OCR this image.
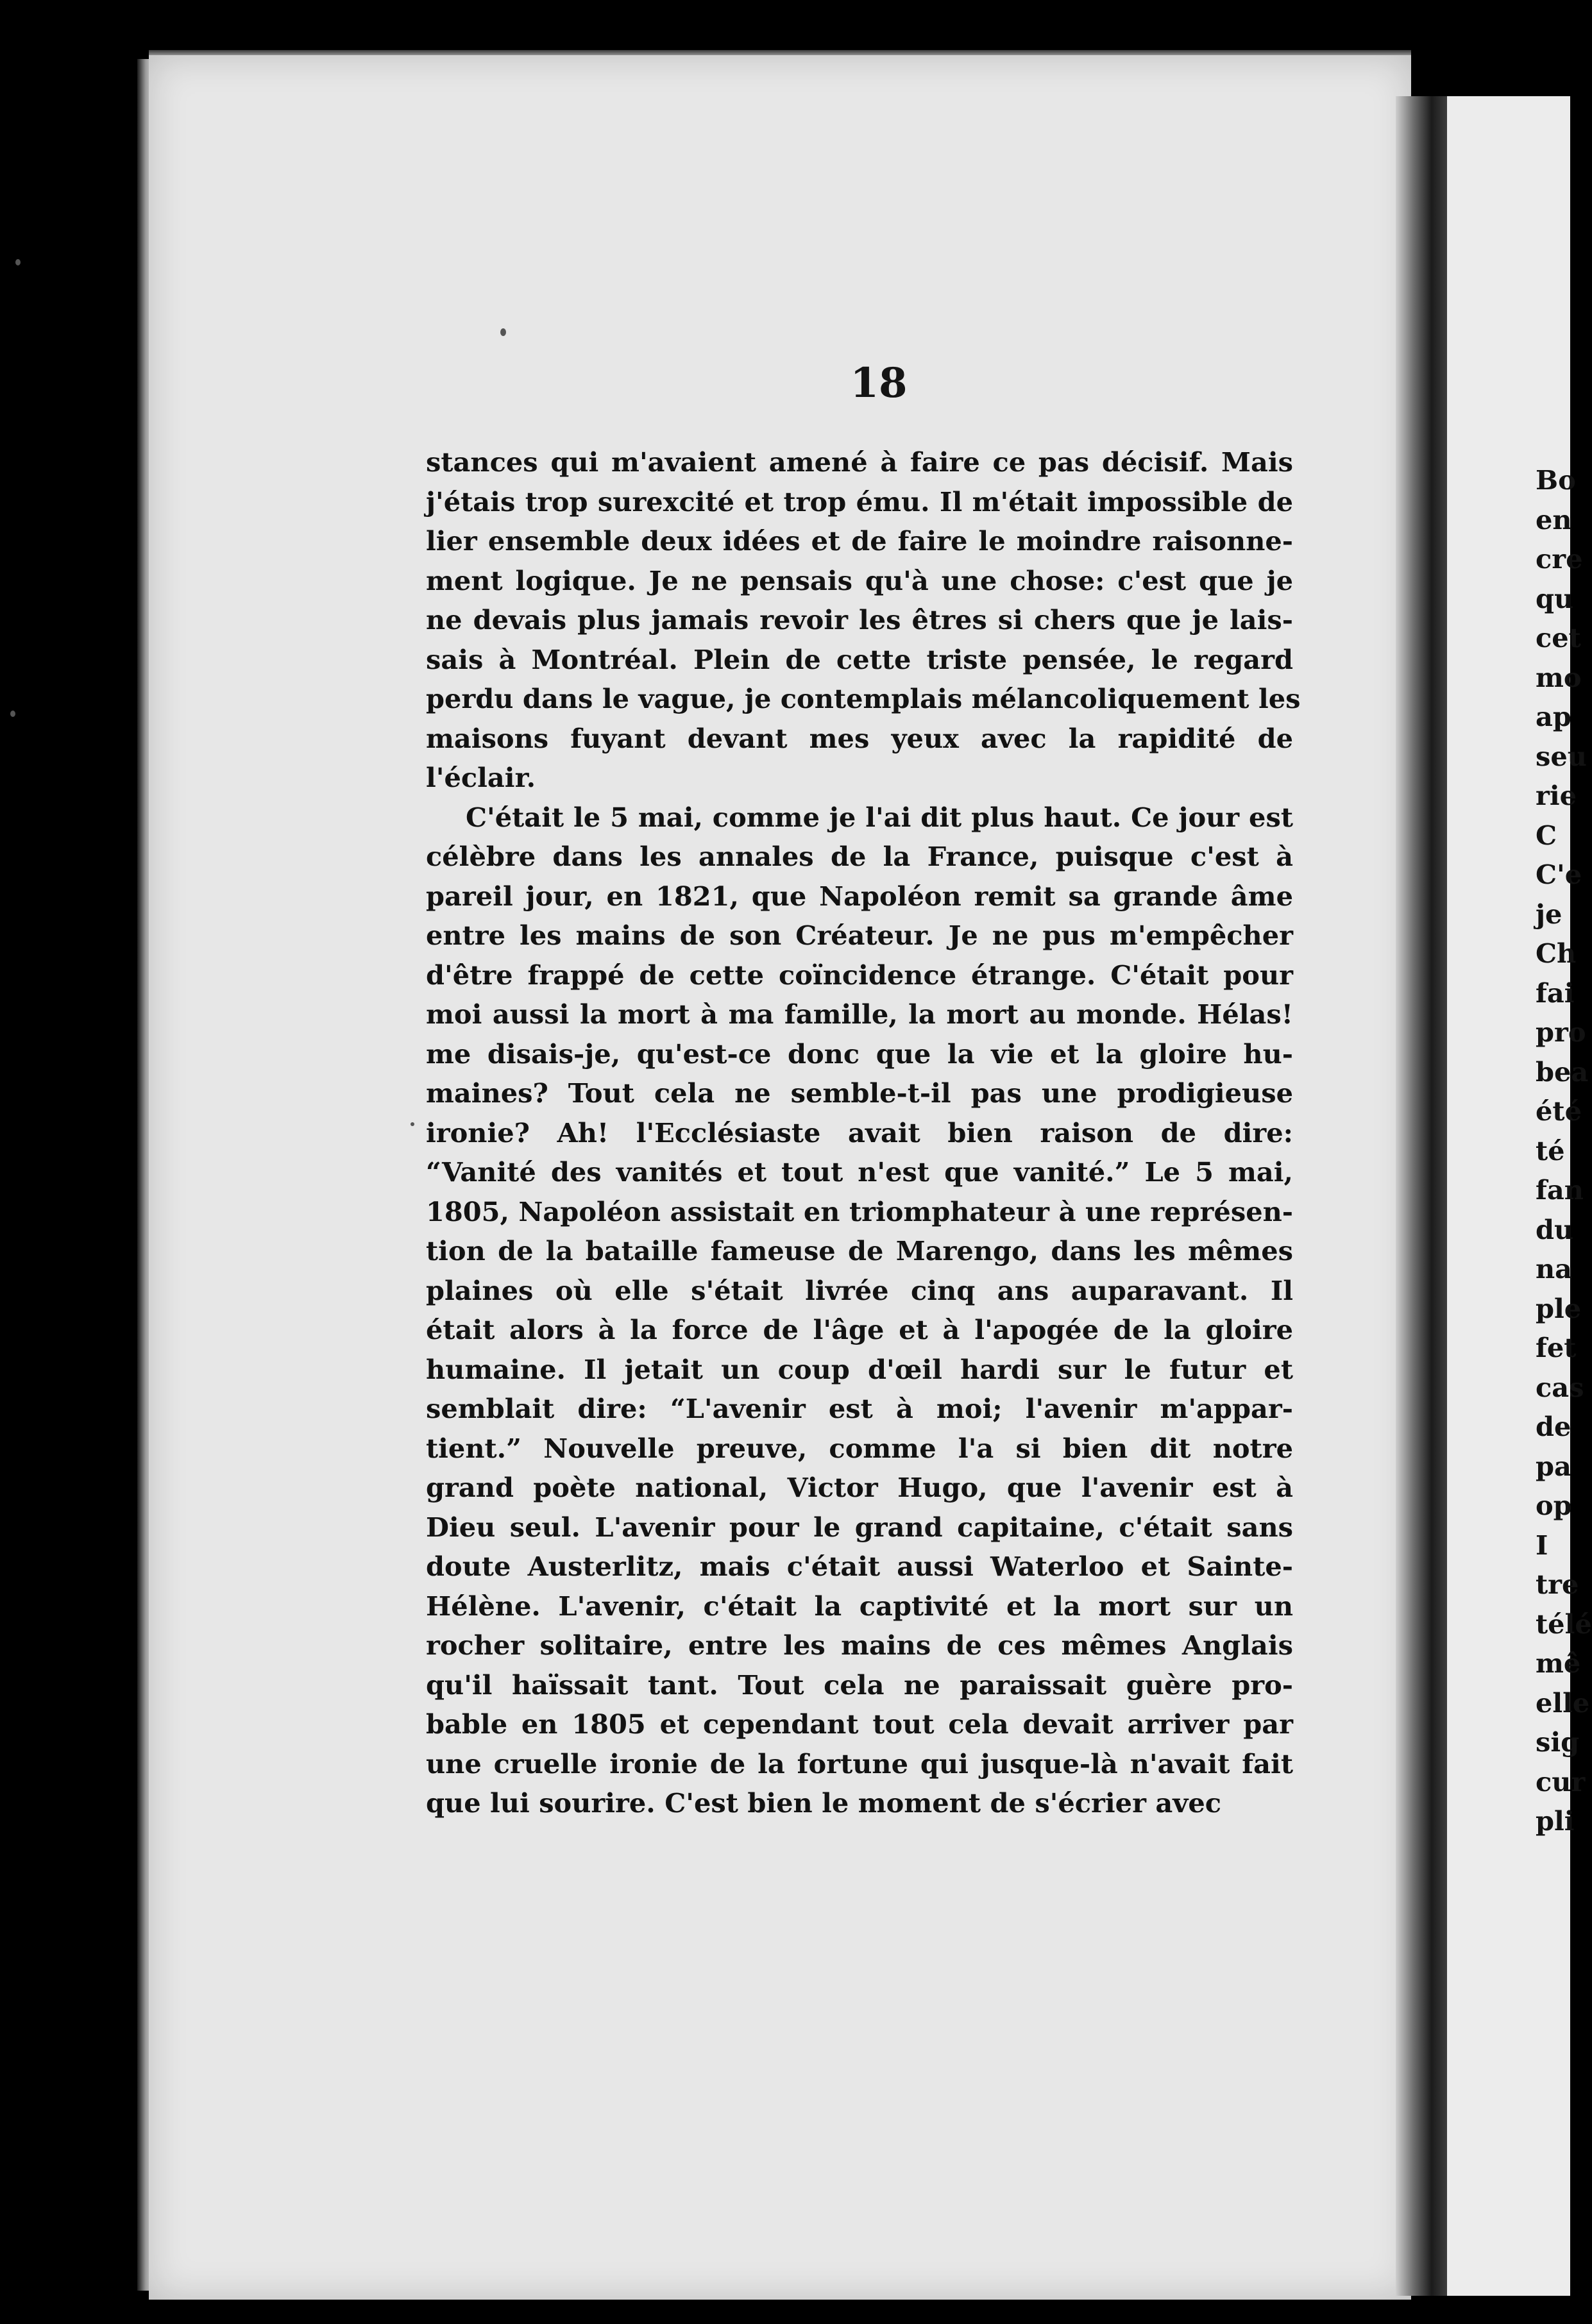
18
stances qui m'avaient amené à faire ce pas décisif. Mais
j'étais trop surexcité et trop ému. Il m'était impossible de
lier ensemble deux idées et de faire le moindre raisonne-
ment logique. Je ne pensais qu'à une chose: c'est que je
ne devais plus jamais revoir les êtres si chers que je lais-
sais à Montréal. Plein de cette triste pensée, le regard
perdu dans le vague, je contemplais mélancoliquement les
maisons fuyant devant mes yeux avec la rapidité de
l'éclair.
C'était le 5 mai, comme je l'ai dit plus haut. Ce jour est
célèbre dans les annales de la France, puisque c'est à
pareil jour, en 1821, que Napoléon remit sa grande âme
entre les mains de son Créateur. Je ne pus m'empêcher
d'être frappé de cette coïncidence étrange. C'était pour
moi aussi la mort à ma famille, la mort au monde. Hélas!
me disais-je, qu'est-ce donc que la vie et la gloire hu-
maines? Tout cela ne semble-t-il pas une prodigieuse
ironie? Ah! l'Ecclésiaste avait bien raison de dire:
“Vanité des vanités et tout n'est que vanité.” Le 5 mai,
1805, Napoléon assistait en triomphateur à une représen-
tion de la bataille fameuse de Marengo, dans les mêmes
plaines où elle s'était livrée cinq ans auparavant. Il
était alors à la force de l'âge et à l'apogée de la gloire
humaine. Il jetait un coup d'œil hardi sur le futur et
semblait dire: “L'avenir est à moi; l'avenir m'appar-
tient.” Nouvelle preuve, comme l'a si bien dit notre
grand poète national, Victor Hugo, que l'avenir est à
Dieu seul. L'avenir pour le grand capitaine, c'était sans
doute Austerlitz, mais c'était aussi Waterloo et Sainte-
Hélène. L'avenir, c'était la captivité et la mort sur un
rocher solitaire, entre les mains de ces mêmes Anglais
qu'il haïssait tant. Tout cela ne paraissait guère pro-
bable en 1805 et cependant tout cela devait arriver par
une cruelle ironie de la fortune qui jusque-là n'avait fait
que lui sourire. C'est bien le moment de s'écrier avec
Bo
en
cre
qu
cet
mo
ap
seu
rie
C
C'e
je
Ch
fai
pro
bea
été
té
fan
du
na
ple
fet
cas
de
pa
op
I
tre
télé
mê
elle
sig
cur
pli
